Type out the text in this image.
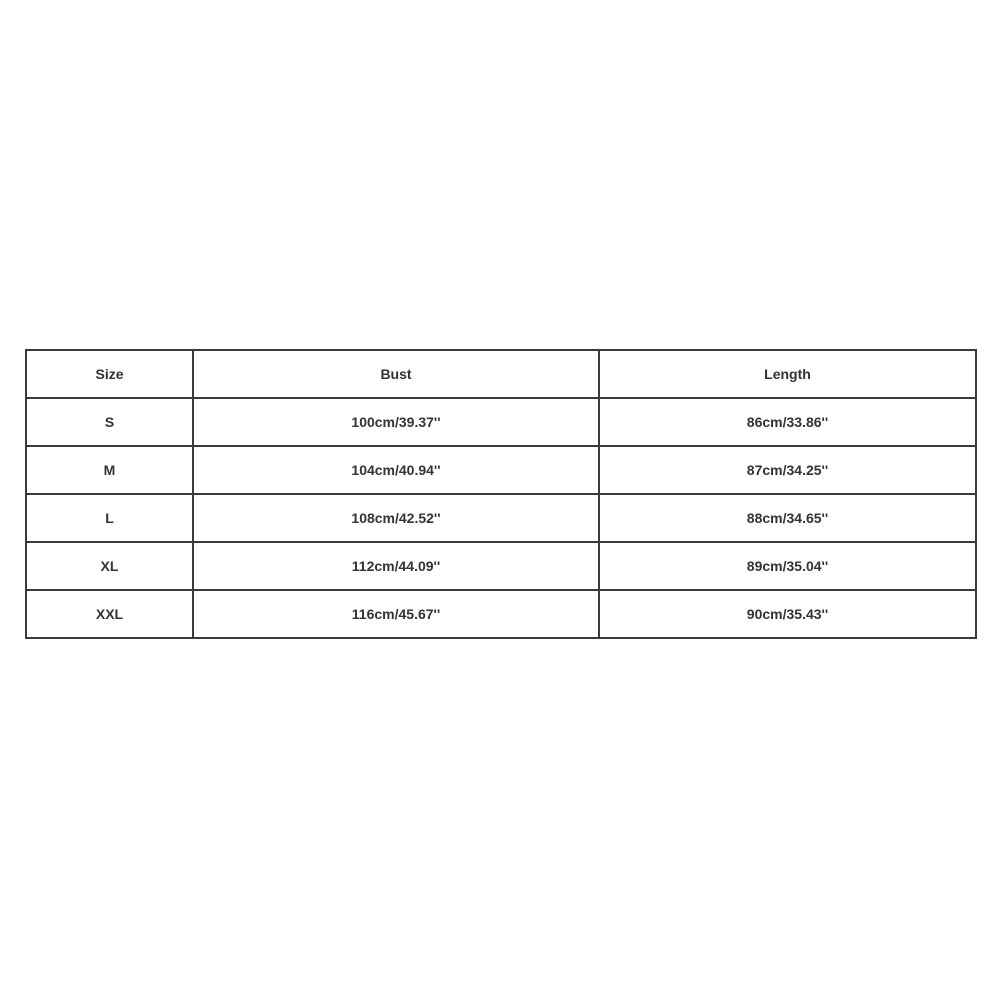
Size	Bust	Length
S	100cm/39.37''	86cm/33.86''
M	104cm/40.94''	87cm/34.25''
L	108cm/42.52''	88cm/34.65''
XL	112cm/44.09''	89cm/35.04''
XXL	116cm/45.67''	90cm/35.43''
